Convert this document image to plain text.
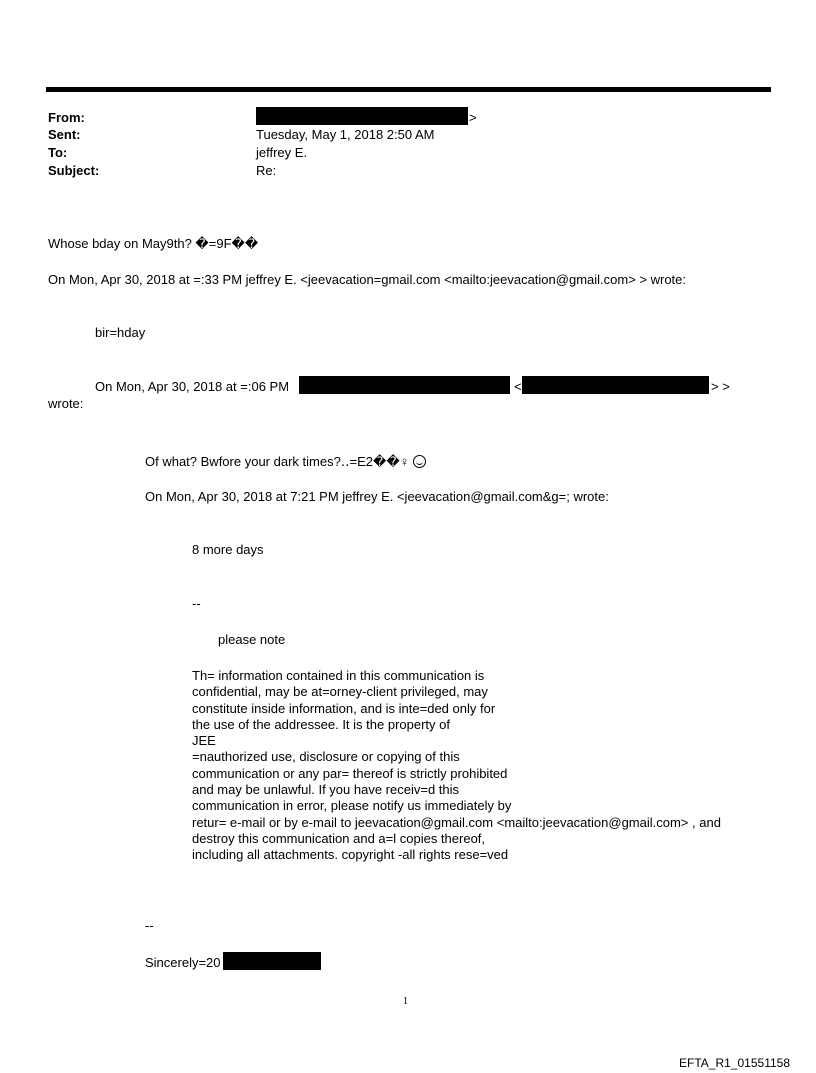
From:	>
Sent:	Tuesday, May 1, 2018 2:50 AM
To:	jeffrey E.
Subject:	Re:
Whose bday on May9th? �=9F��
On Mon, Apr 30, 2018 at =:33 PM jeffrey E. <jeevacation=gmail.com <mailto:jeevacation@gmail.com> > wrote:
bir=hday
On Mon, Apr 30, 2018 at =:06 PM	<	> >
wrote:
Of what? Bwfore your dark times?․․=E2��♀
On Mon, Apr 30, 2018 at 7:21 PM jeffrey E. <jeevacation@gmail.com&g=; wrote:
8 more days
--
please note
Th= information contained in this communication is
confidential, may be at=orney-client privileged, may
constitute inside information, and is inte=ded only for
the use of the addressee. It is the property of
JEE
=nauthorized use, disclosure or copying of this
communication or any par= thereof is strictly prohibited
and may be unlawful. If you have receiv=d this
communication in error, please notify us immediately by
retur= e-mail or by e-mail to jeevacation@gmail.com <mailto:jeevacation@gmail.com> , and
destroy this communication and a=l copies thereof,
including all attachments. copyright -all rights rese=ved
--
Sincerely=20
1
EFTA_R1_01551158
